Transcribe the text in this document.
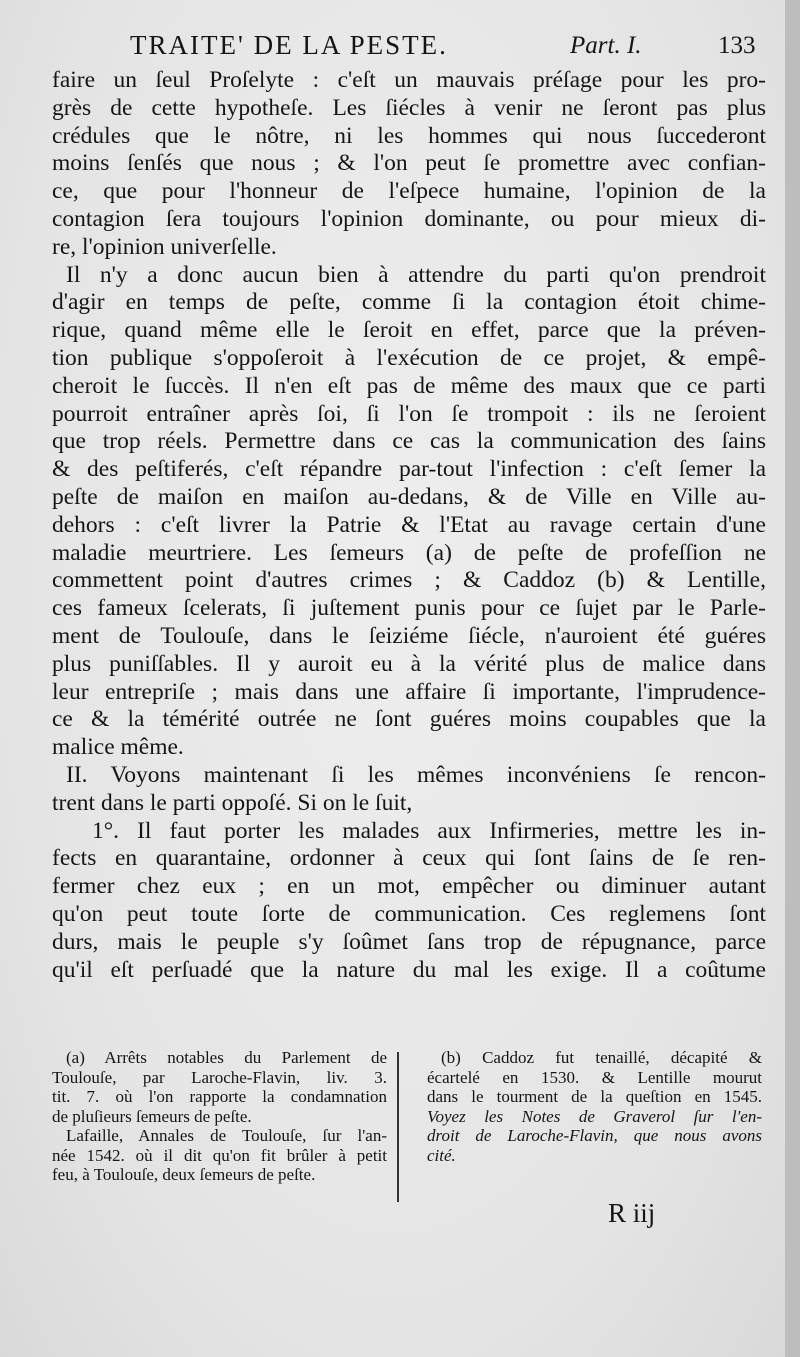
TRAITE' DE LA PESTE.	Part. I.	133
faire un ſeul Proſelyte : c'eſt un mauvais préſage pour les pro-
grès de cette hypotheſe. Les ſiécles à venir ne ſeront pas plus
crédules que le nôtre, ni les hommes qui nous ſuccederont
moins ſenſés que nous ; & l'on peut ſe promettre avec confian-
ce, que pour l'honneur de l'eſpece humaine, l'opinion de la
contagion ſera toujours l'opinion dominante, ou pour mieux di-
re, l'opinion univerſelle.
Il n'y a donc aucun bien à attendre du parti qu'on prendroit
d'agir en temps de peſte, comme ſi la contagion étoit chime-
rique, quand même elle le ſeroit en effet, parce que la préven-
tion publique s'oppoſeroit à l'exécution de ce projet, & empê-
cheroit le ſuccès. Il n'en eſt pas de même des maux que ce parti
pourroit entraîner après ſoi, ſi l'on ſe trompoit : ils ne ſeroient
que trop réels. Permettre dans ce cas la communication des ſains
& des peſtiferés, c'eſt répandre par-tout l'infection : c'eſt ſemer la
peſte de maiſon en maiſon au-dedans, & de Ville en Ville au-
dehors : c'eſt livrer la Patrie & l'Etat au ravage certain d'une
maladie meurtriere. Les ſemeurs (a) de peſte de profeſſion ne
commettent point d'autres crimes ; & Caddoz (b) & Lentille,
ces fameux ſcelerats, ſi juſtement punis pour ce ſujet par le Parle-
ment de Toulouſe, dans le ſeiziéme ſiécle, n'auroient été guéres
plus puniſſables. Il y auroit eu à la vérité plus de malice dans
leur entrepriſe ; mais dans une affaire ſi importante, l'imprudence-
ce & la témérité outrée ne ſont guéres moins coupables que la
malice même.
II. Voyons maintenant ſi les mêmes inconvéniens ſe rencon-
trent dans le parti oppoſé. Si on le ſuit,
1°. Il faut porter les malades aux Infirmeries, mettre les in-
fects en quarantaine, ordonner à ceux qui ſont ſains de ſe ren-
fermer chez eux ; en un mot, empêcher ou diminuer autant
qu'on peut toute ſorte de communication. Ces reglemens ſont
durs, mais le peuple s'y ſoûmet ſans trop de répugnance, parce
qu'il eſt perſuadé que la nature du mal les exige. Il a coûtume
(a) Arrêts notables du Parlement de
Toulouſe, par Laroche-Flavin, liv. 3.
tit. 7. où l'on rapporte la condamnation
de pluſieurs ſemeurs de peſte.
Lafaille, Annales de Toulouſe, ſur l'an-
née 1542. où il dit qu'on fit brûler à petit
feu, à Toulouſe, deux ſemeurs de peſte.
(b) Caddoz fut tenaillé, décapité &
écartelé en 1530. & Lentille mourut
dans le tourment de la queſtion en 1545.
Voyez les Notes de Graverol ſur l'en-
droit de Laroche-Flavin, que nous avons
cité.
R iij
